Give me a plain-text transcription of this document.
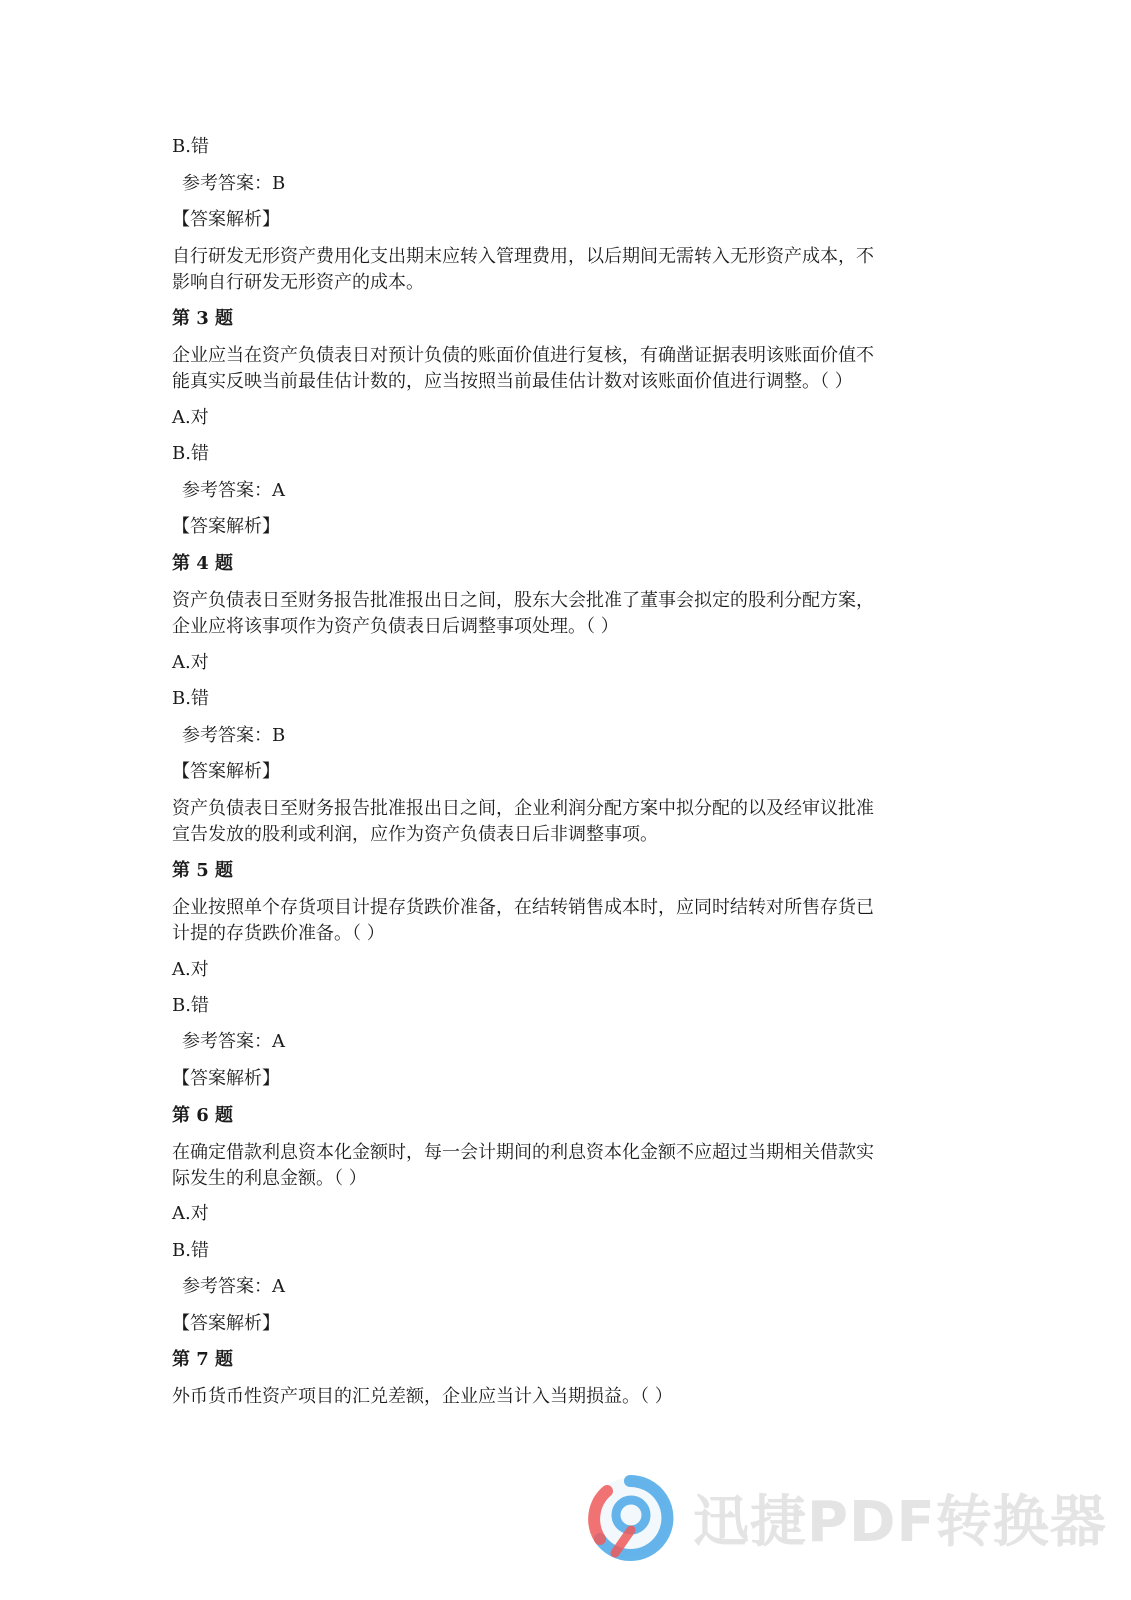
B.错
参考答案：B
【答案解析】
自行研发无形资产费用化支出期末应转入管理费用，以后期间无需转入无形资产成本，不
影响自行研发无形资产的成本。
第 3 题
企业应当在资产负债表日对预计负债的账面价值进行复核，有确凿证据表明该账面价值不
能真实反映当前最佳估计数的，应当按照当前最佳估计数对该账面价值进行调整。（ ）
A.对
B.错
参考答案：A
【答案解析】
第 4 题
资产负债表日至财务报告批准报出日之间，股东大会批准了董事会拟定的股利分配方案，
企业应将该事项作为资产负债表日后调整事项处理。（ ）
A.对
B.错
参考答案：B
【答案解析】
资产负债表日至财务报告批准报出日之间，企业利润分配方案中拟分配的以及经审议批准
宣告发放的股利或利润，应作为资产负债表日后非调整事项。
第 5 题
企业按照单个存货项目计提存货跌价准备，在结转销售成本时，应同时结转对所售存货已
计提的存货跌价准备。（ ）
A.对
B.错
参考答案：A
【答案解析】
第 6 题
在确定借款利息资本化金额时，每一会计期间的利息资本化金额不应超过当期相关借款实
际发生的利息金额。（ ）
A.对
B.错
参考答案：A
【答案解析】
第 7 题
外币货币性资产项目的汇兑差额，企业应当计入当期损益。（ ）
迅捷PDF转换器
